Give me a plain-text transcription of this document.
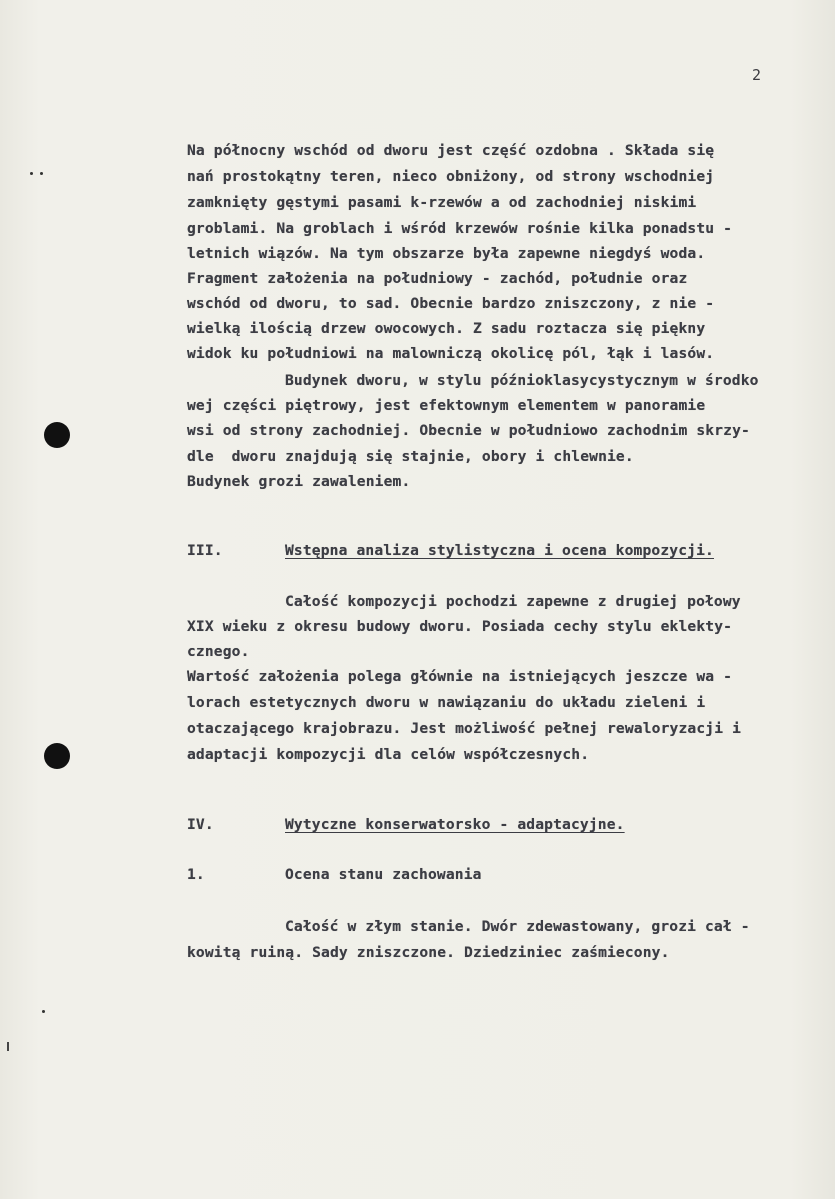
2
Na północny wschód od dworu jest część ozdobna . Składa się
nań prostokątny teren, nieco obniżony, od strony wschodniej
zamknięty gęstymi pasami k-rzewów a od zachodniej niskimi
groblami. Na groblach i wśród krzewów rośnie kilka ponadstu -
letnich wiązów. Na tym obszarze była zapewne niegdyś woda.
Fragment założenia na południowy - zachód, południe oraz
wschód od dworu, to sad. Obecnie bardzo zniszczony, z nie -
wielką ilością drzew owocowych. Z sadu roztacza się piękny
widok ku południowi na malowniczą okolicę pól, łąk i lasów.
Budynek dworu, w stylu późnioklasycystycznym w środko
wej części piętrowy, jest efektownym elementem w panoramie
wsi od strony zachodniej. Obecnie w południowo zachodnim skrzy-
dle  dworu znajdują się stajnie, obory i chlewnie.
Budynek grozi zawaleniem.
III.	Wstępna analiza stylistyczna i ocena kompozycji.
Całość kompozycji pochodzi zapewne z drugiej połowy
XIX wieku z okresu budowy dworu. Posiada cechy stylu eklekty-
cznego.
Wartość założenia polega głównie na istniejących jeszcze wa -
lorach estetycznych dworu w nawiązaniu do układu zieleni i
otaczającego krajobrazu. Jest możliwość pełnej rewaloryzacji i
adaptacji kompozycji dla celów współczesnych.
IV.	Wytyczne konserwatorsko - adaptacyjne.
1.	Ocena stanu zachowania
Całość w złym stanie. Dwór zdewastowany, grozi cał -
kowitą ruiną. Sady zniszczone. Dziedziniec zaśmiecony.
